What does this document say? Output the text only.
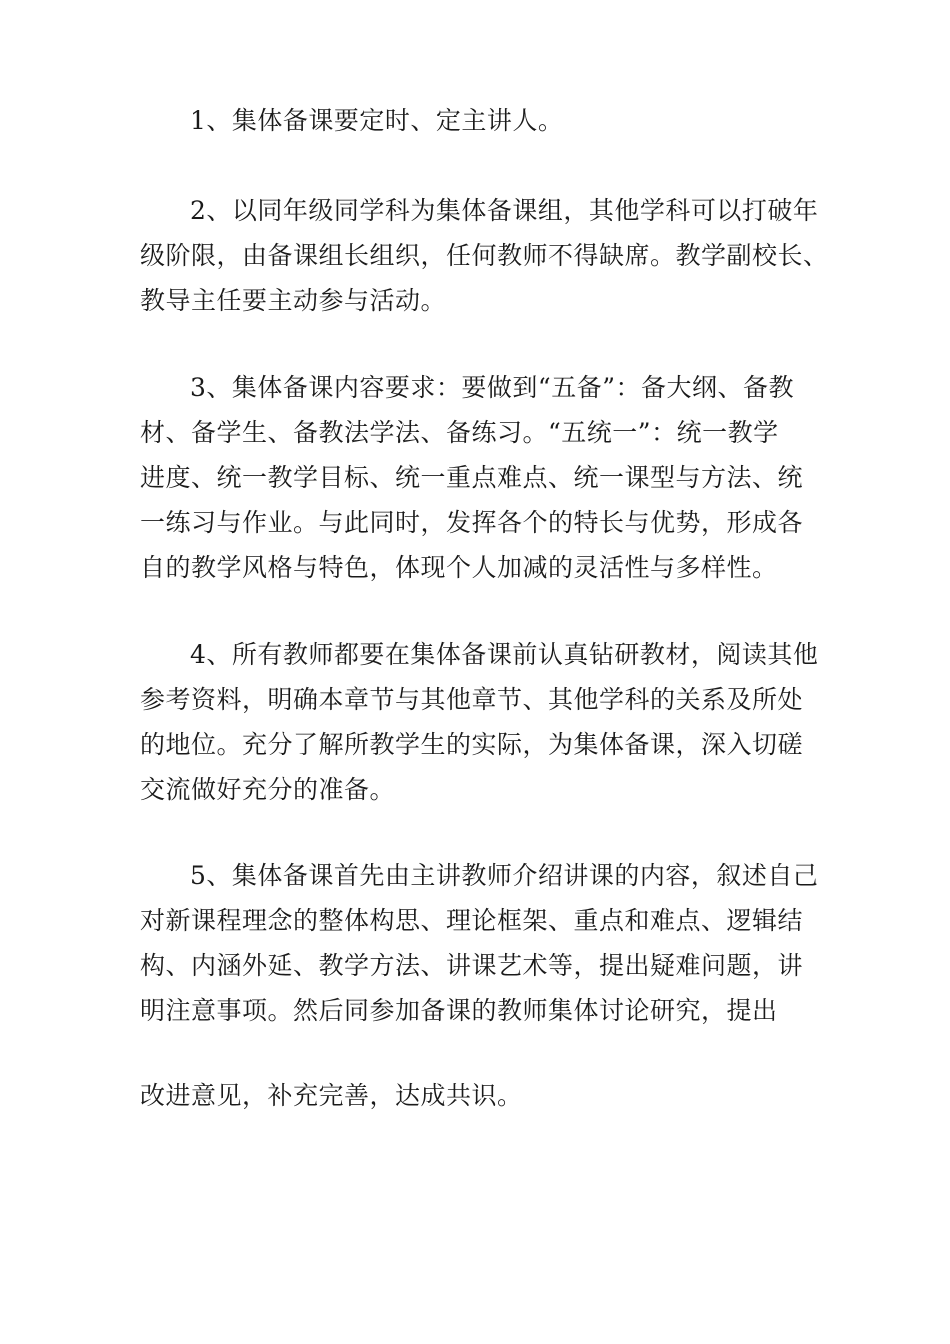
1、集体备课要定时、定主讲人。

2、以同年级同学科为集体备课组，其他学科可以打破年
级阶限，由备课组长组织，任何教师不得缺席。教学副校长、
教导主任要主动参与活动。

3、集体备课内容要求：要做到“五备”：备大纲、备教
材、备学生、备教法学法、备练习。“五统一”：统一教学
进度、统一教学目标、统一重点难点、统一课型与方法、统
一练习与作业。与此同时，发挥各个的特长与优势，形成各
自的教学风格与特色，体现个人加减的灵活性与多样性。

4、所有教师都要在集体备课前认真钻研教材，阅读其他
参考资料，明确本章节与其他章节、其他学科的关系及所处
的地位。充分了解所教学生的实际，为集体备课，深入切磋
交流做好充分的准备。

5、集体备课首先由主讲教师介绍讲课的内容，叙述自己
对新课程理念的整体构思、理论框架、重点和难点、逻辑结
构、内涵外延、教学方法、讲课艺术等，提出疑难问题，讲
明注意事项。然后同参加备课的教师集体讨论研究，提出

改进意见，补充完善，达成共识。
